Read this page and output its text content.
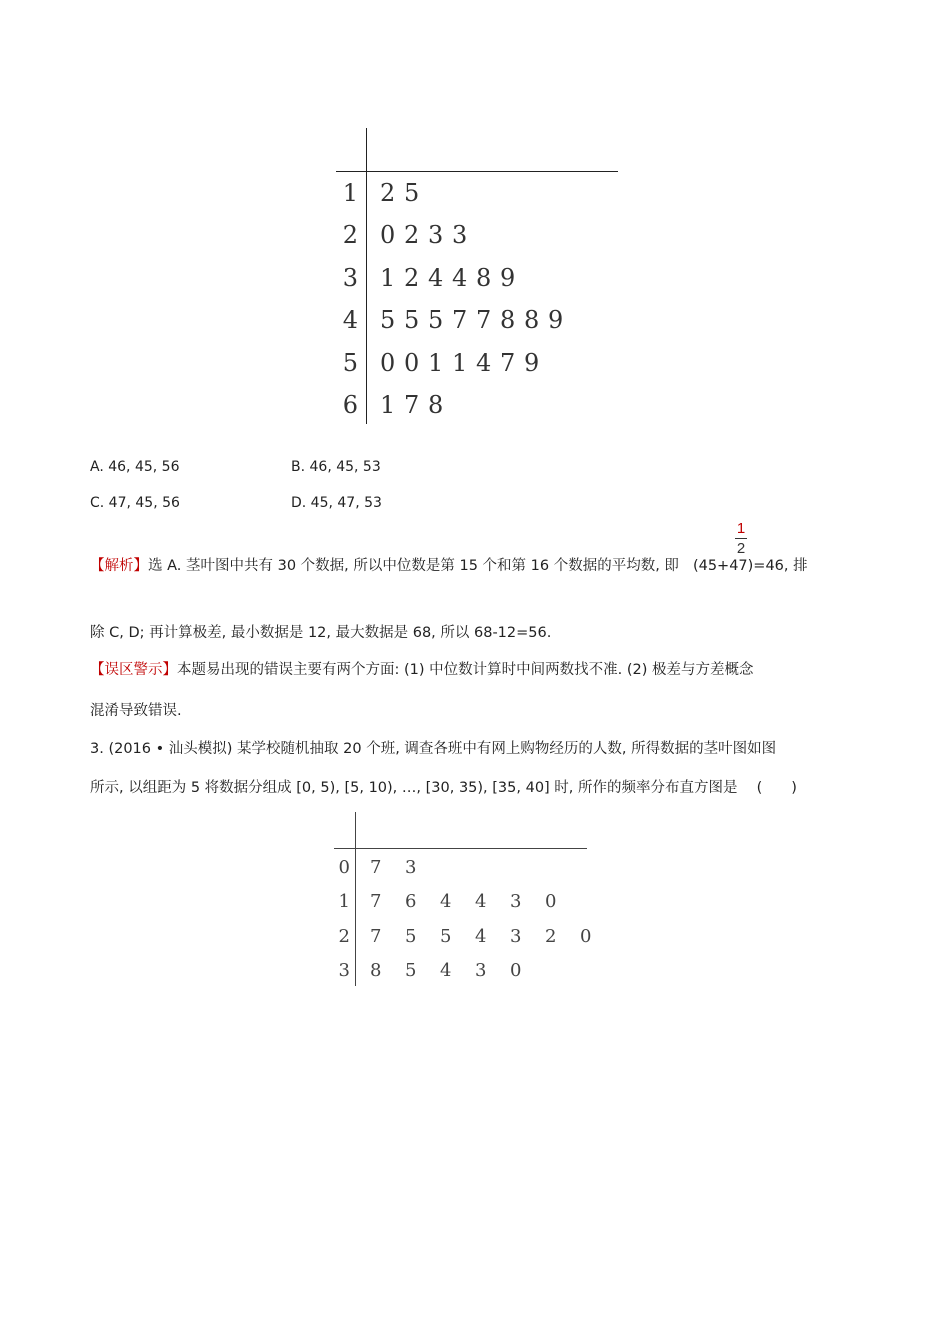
1 2 5
2 0 2 3 3
3 1 2 4 4 8 9
4 5 5 5 7 7 8 8 9
5 0 0 1 1 4 7 9
6 1 7 8
A. 46, 45, 56	B. 46, 45, 53
C. 47, 45, 56	D. 45, 47, 53
【解析】选 A. 茎叶图中共有 30 个数据, 所以中位数是第 15 个和第 16 个数据的平均数, 即 (45+47)=46, 排
1
2
除 C, D; 再计算极差, 最小数据是 12, 最大数据是 68, 所以 68-12=56.
【误区警示】本题易出现的错误主要有两个方面: (1) 中位数计算时中间两数找不准. (2) 极差与方差概念
混淆导致错误.
3. (2016 • 汕头模拟) 某学校随机抽取 20 个班, 调查各班中有网上购物经历的人数, 所得数据的茎叶图如图
所示, 以组距为 5 将数据分组成 [0, 5), [5, 10), …, [30, 35), [35, 40] 时, 所作的频率分布直方图是 　(　　)
0 7 3
1 7 6 4 4 3 0
2 7 5 5 4 3 2 0
3 8 5 4 3 0
